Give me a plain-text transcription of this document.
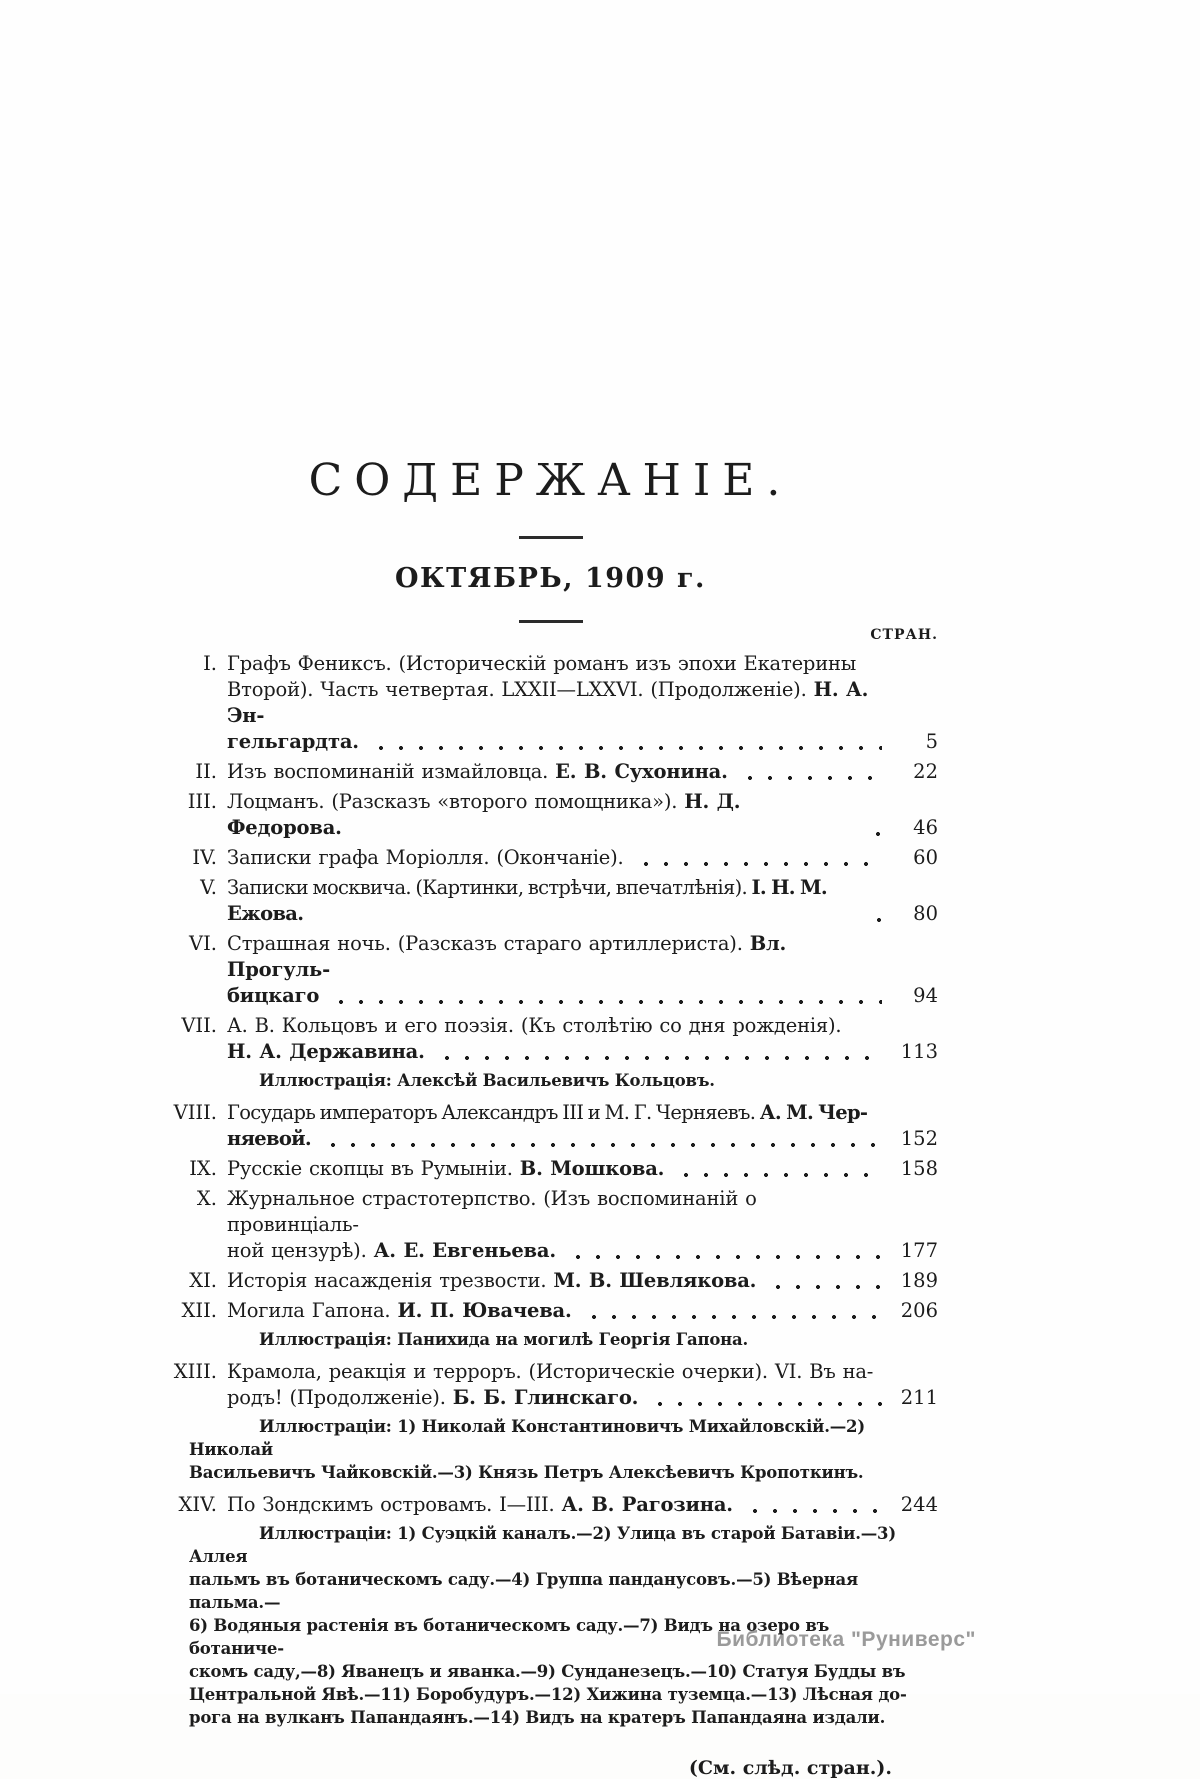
СОДЕРЖАНІЕ.
ОКТЯБРЬ, 1909 г.
СТРАН.
I. Графъ Фениксъ. (Историческій романъ изъ эпохи Екатерины
Второй). Часть четвертая. LXXII—LXXVI. (Продолженіе). Н. А. Эн-
гельгардта.	5
II. Изъ воспоминаній измайловца. Е. В. Сухонина.	22
III. Лоцманъ. (Разсказъ «второго помощника»). Н. Д. Федорова.	46
IV. Записки графа Моріолля. (Окончаніе).	60
V. Записки москвича. (Картинки, встрѣчи, впечатлѣнія). I. Н. М. Ежова.	80
VI. Страшная ночь. (Разсказъ стараго артиллериста). Вл. Прогуль-
бицкаго	94
VII. А. В. Кольцовъ и его поэзія. (Къ столѣтію со дня рожденія).
Н. А. Державина.	113
Иллюстрація: Алексѣй Васильевичъ Кольцовъ.
VIII. Государь императоръ Александръ III и М. Г. Черняевъ. А. М. Чер-
няевой.	152
IX. Русскіе скопцы въ Румыніи. В. Мошкова.	158
X. Журнальное страстотерпство. (Изъ воспоминаній о провинціаль-
ной цензурѣ). А. Е. Евгеньева.	177
XI. Исторія насажденія трезвости. М. В. Шевлякова.	189
XII. Могила Гапона. И. П. Ювачева.	206
Иллюстрація: Панихида на могилѣ Георгія Гапона.
XIII. Крамола, реакція и терроръ. (Историческіе очерки). VI. Въ на-
родъ! (Продолженіе). Б. Б. Глинскаго.	211
Иллюстраціи: 1) Николай Константиновичъ Михайловскій.—2) Николай
Васильевичъ Чайковскій.—3) Князь Петръ Алексѣевичъ Кропоткинъ.
XIV. По Зондскимъ островамъ. I—III. А. В. Рагозина.	244
Иллюстраціи: 1) Суэцкій каналъ.—2) Улица въ старой Батавіи.—3) Аллея
пальмъ въ ботаническомъ саду.—4) Группа панданусовъ.—5) Вѣерная пальма.—
6) Водяныя растенія въ ботаническомъ саду.—7) Видъ на озеро въ ботаниче-
скомъ саду,—8) Яванецъ и яванка.—9) Сунданезецъ.—10) Статуя Будды въ
Центральной Явѣ.—11) Боробудуръ.—12) Хижина туземца.—13) Лѣсная до-
рога на вулканъ Папандаянъ.—14) Видъ на кратеръ Папандаяна издали.
(См. слѣд. стран.).
Библиотека "Руниверс"
